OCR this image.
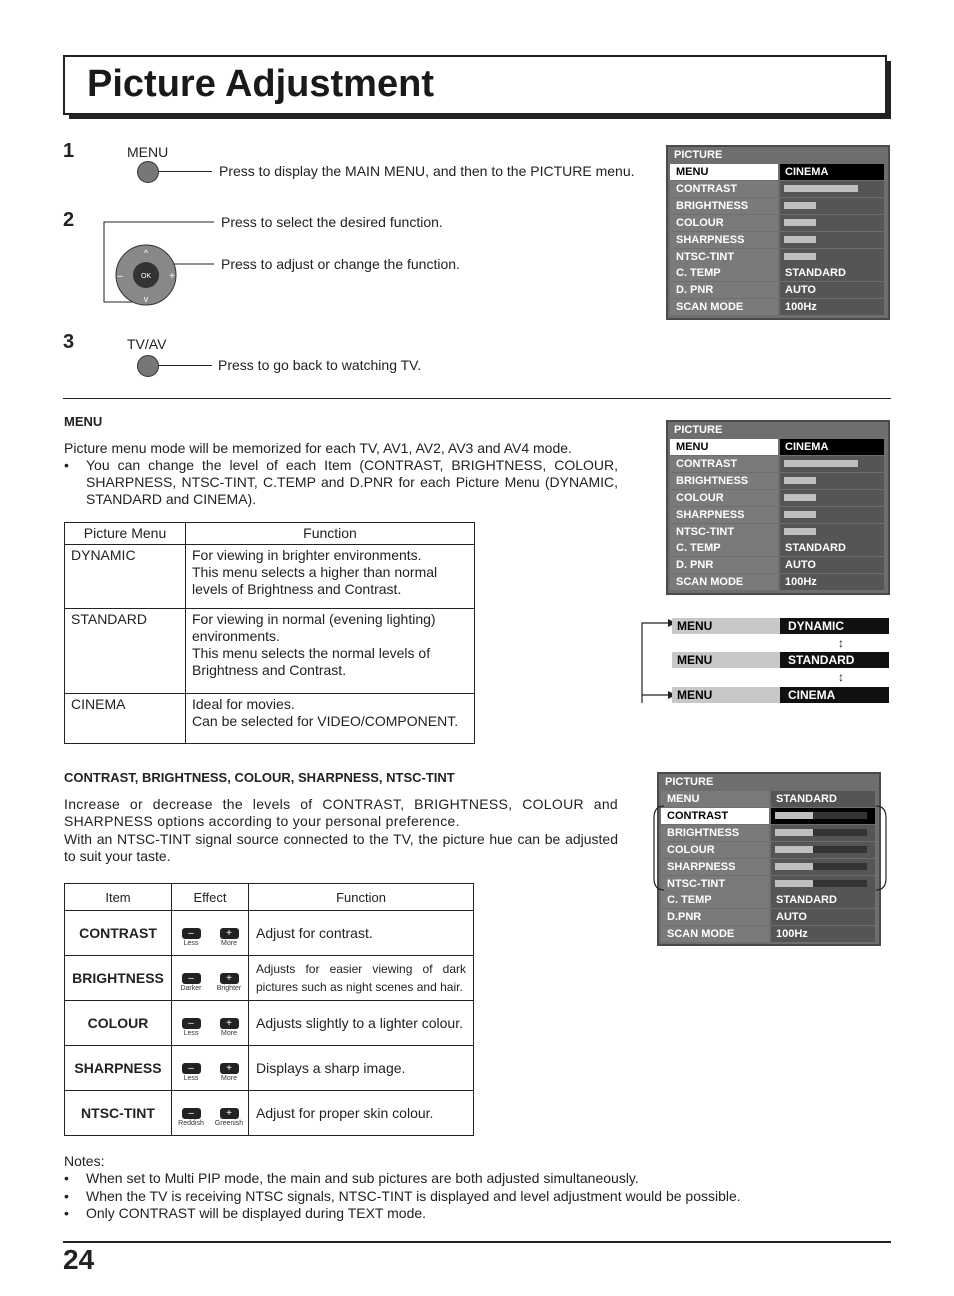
Picture Adjustment
1	MENU
Press to display the MAIN MENU, and then to the PICTURE menu.
2
OK
–	+
^
v
Press to select the desired function.
Press to adjust or change the function.
3	TV/AV
Press to go back to watching TV.
PICTURE
MENU	CINEMA
CONTRAST
BRIGHTNESS
COLOUR
SHARPNESS
NTSC-TINT
C. TEMP	STANDARD
D. PNR	AUTO
SCAN MODE	100Hz
MENU
Picture menu mode will be memorized for each TV, AV1, AV2, AV3 and AV4 mode.
• You can change the level of each Item (CONTRAST, BRIGHTNESS, COLOUR, SHARPNESS, NTSC-TINT, C.TEMP and D.PNR for each Picture Menu (DYNAMIC, STANDARD and CINEMA).
Picture Menu	Function
DYNAMIC	For viewing in brighter environments.
This menu selects a higher than normal levels of Brightness and Contrast.

STANDARD	For viewing in normal (evening lighting) environments.
This menu selects the normal levels of Brightness and Contrast.

CINEMA	Ideal for movies.
Can be selected for VIDEO/COMPONENT.
PICTURE
MENU	CINEMA
CONTRAST
BRIGHTNESS
COLOUR
SHARPNESS
NTSC-TINT
C. TEMP	STANDARD
D. PNR	AUTO
SCAN MODE	100Hz
MENU	DYNAMIC
↕
MENU	STANDARD
↕
MENU	CINEMA
CONTRAST, BRIGHTNESS, COLOUR, SHARPNESS, NTSC-TINT
Increase or decrease the levels of CONTRAST, BRIGHTNESS, COLOUR and SHARPNESS options according to your personal preference.
With an NTSC-TINT signal source connected to the TV, the picture hue can be adjusted to suit your taste.
Item	Effect	Function
CONTRAST	–
Less
+
More	Adjust for contrast.
BRIGHTNESS	–
Darker
+
Brighter	Adjusts for easier viewing of dark pictures such as night scenes and hair.
COLOUR	–
Less
+
More	Adjusts slightly to a lighter colour.
SHARPNESS	–
Less
+
More	Displays a sharp image.
NTSC-TINT	–
Reddish
+
Greenish	Adjust for proper skin colour.
PICTURE
MENU	STANDARD
CONTRAST
BRIGHTNESS
COLOUR
SHARPNESS
NTSC-TINT
C. TEMP	STANDARD
D.PNR	AUTO
SCAN MODE	100Hz
Notes:
• When set to Multi PIP mode, the main and sub pictures are both adjusted simultaneously.
• When the TV is receiving NTSC signals, NTSC-TINT is displayed and level adjustment would be possible.
• Only CONTRAST will be displayed during TEXT mode.
24
